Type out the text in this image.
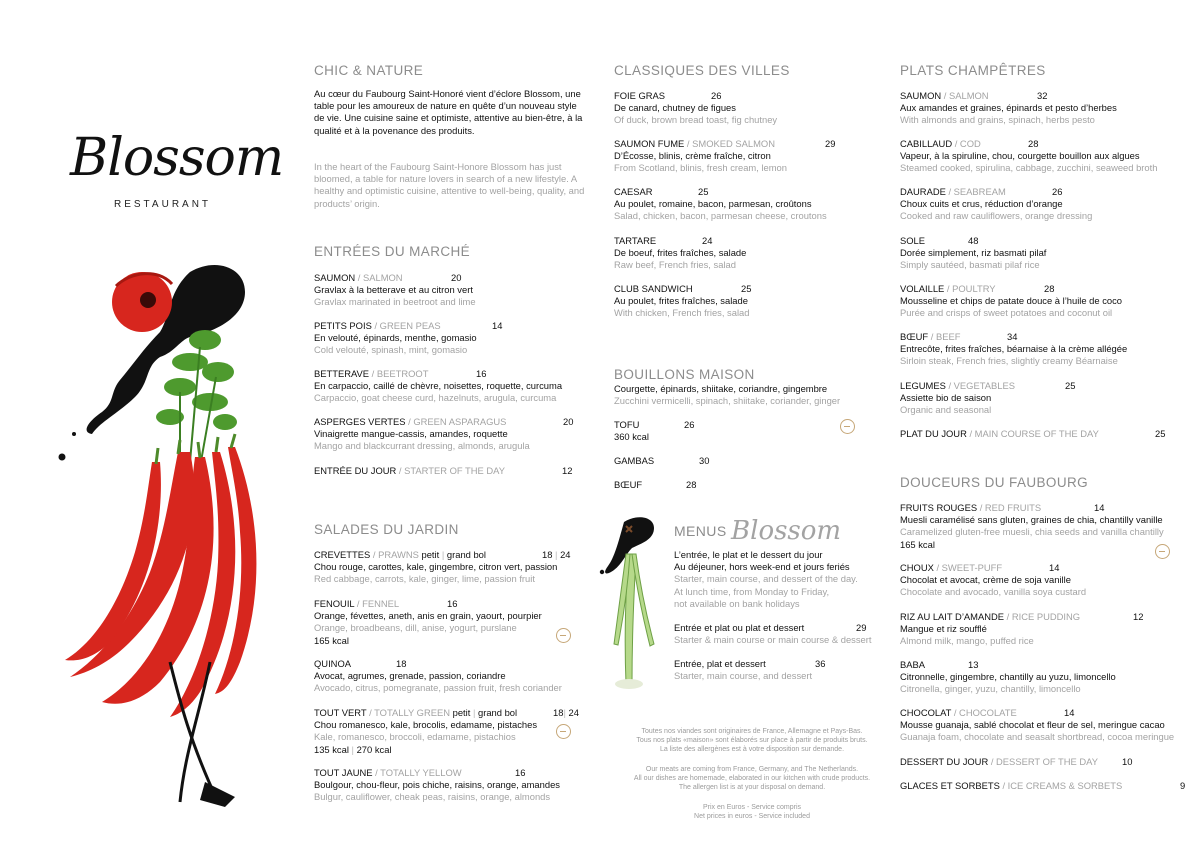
Blossom
RESTAURANT
CHIC & NATURE

Au cœur du Faubourg Saint-Honoré vient d’éclore Blossom, une table pour les amoureux de nature en quête d’un nouveau style de vie. Une cuisine saine et optimiste, attentive au bien-être, à la qualité et à la povenance des produits.

In the heart of the Faubourg Saint-Honore Blossom has just bloomed, a table for nature lovers in search of a new lifestyle. A healthy and optimistic cuisine, attentive to well-being, quality, and products’ origin.

ENTRÉES DU MARCHÉ
SAUMON / SALMON	20
Gravlax à la betterave et au citron vert
Gravlax marinated in beetroot and lime
PETITS POIS / GREEN PEAS	14
En velouté, épinards, menthe, gomasio
Cold velouté, spinash, mint, gomasio
BETTERAVE / BEETROOT	16
En carpaccio, caillé de chèvre, noisettes, roquette, curcuma
Carpaccio, goat cheese curd, hazelnuts, arugula, curcuma
ASPERGES VERTES / GREEN ASPARAGUS	20
Vinaigrette mangue-cassis, amandes, roquette
Mango and blackcurrant dressing, almonds, arugula
ENTRÉE DU JOUR / STARTER OF THE DAY	12
SALADES DU JARDIN
CREVETTES / PRAWNS petit | grand bol	18 | 24
Chou rouge, carottes, kale, gingembre, citron vert, passion
Red cabbage, carrots, kale, ginger, lime, passion fruit
FENOUIL / FENNEL	16
Orange, févettes, aneth, anis en grain, yaourt, pourpier
Orange, broadbeans, dill, anise, yogurt, purslane
165 kcal
QUINOA	18
Avocat, agrumes, grenade, passion, coriandre
Avocado, citrus, pomegranate, passion fruit, fresh coriander
TOUT VERT / TOTALLY GREEN petit | grand bol	18| 24
Chou romanesco, kale, brocolis, edamame, pistaches
Kale, romanesco, broccoli, edamame, pistachios
135 kcal | 270 kcal
TOUT JAUNE / TOTALLY YELLOW	16
Boulgour, chou-fleur, pois chiche, raisins, orange, amandes
Bulgur, cauliflower, cheak peas, raisins, orange, almonds
CLASSIQUES DES VILLES
FOIE GRAS	26
De canard, chutney de figues
Of duck, brown bread toast, fig chutney
SAUMON FUME / SMOKED SALMON	29
D’Écosse, blinis, crème fraîche, citron
From Scotland, blinis, fresh cream, lemon
CAESAR	25
Au poulet, romaine, bacon, parmesan, croûtons
Salad, chicken, bacon, parmesan cheese, croutons
TARTARE	24
De boeuf, frites fraîches, salade
Raw beef, French fries, salad
CLUB SANDWICH	25
Au poulet, frites fraîches, salade
With chicken, French fries, salad
BOUILLONS MAISON
Courgette, épinards, shiitake, coriandre, gingembre
Zucchini vermicelli, spinach, shiitake, coriander, ginger
TOFU	26
360 kcal
GAMBAS	30
BŒUF	28
MENUS Blossom
L’entrée, le plat et le dessert du jour
Au déjeuner, hors week-end et jours feriés
Starter, main course, and dessert of the day.
At lunch time, from Monday to Friday,
not available on bank holidays
Entrée et plat ou plat et dessert	29
Starter & main course or main course & dessert
Entrée, plat et dessert	36
Starter, main course, and dessert
Toutes nos viandes sont originaires de France, Allemagne et Pays-Bas.
Tous nos plats «maison» sont élaborés sur place à partir de produits bruts.
La liste des allergènes est à votre disposition sur demande.
Our meats are coming from France, Germany, and The Netherlands.
All our dishes are homemade, elaborated in our kitchen with crude products.
The allergen list is at your disposal on demand.
Prix en Euros - Service compris
Net prices in euros - Service included
PLATS CHAMPÊTRES
SAUMON / SALMON	32
Aux amandes et graines, épinards et pesto d’herbes
With almonds and grains, spinach, herbs pesto
CABILLAUD / COD	28
Vapeur, à la spiruline, chou, courgette bouillon aux algues
Steamed cooked, spirulina, cabbage, zucchini, seaweed broth
DAURADE / SEABREAM	26
Choux cuits et crus, réduction d’orange
Cooked and raw cauliflowers, orange dressing
SOLE	48
Dorée simplement, riz basmati pilaf
Simply sautéed, basmati pilaf rice
VOLAILLE / POULTRY	28
Mousseline et chips de patate douce à l’huile de coco
Purée and crisps of sweet potatoes and coconut oil
BŒUF / BEEF	34
Entrecôte, frites fraîches, béarnaise à la crème allégée
Sirloin steak, French fries, slightly creamy Béarnaise
LEGUMES / VEGETABLES	25
Assiette bio de saison
Organic and seasonal
PLAT DU JOUR / MAIN COURSE OF THE DAY	25
DOUCEURS DU FAUBOURG
FRUITS ROUGES / RED FRUITS	14
Muesli caramélisé sans gluten, graines de chia, chantilly vanille
Caramelized gluten-free muesli, chia seeds and vanilla chantilly
165 kcal
CHOUX / SWEET-PUFF	14
Chocolat et avocat, crème de soja vanille
Chocolate and avocado, vanilla soya custard
RIZ AU LAIT D’AMANDE / RICE PUDDING	12
Mangue et riz soufflé
Almond milk, mango, puffed rice
BABA	13
Citronnelle, gingembre, chantilly au yuzu, limoncello
Citronella, ginger, yuzu, chantilly, limoncello
CHOCOLAT / CHOCOLATE	14
Mousse guanaja, sablé chocolat et fleur de sel, meringue cacao
Guanaja foam, chocolate and seasalt shortbread, cocoa meringue
DESSERT DU JOUR / DESSERT OF THE DAY	10
GLACES ET SORBETS / ICE CREAMS & SORBETS	9
